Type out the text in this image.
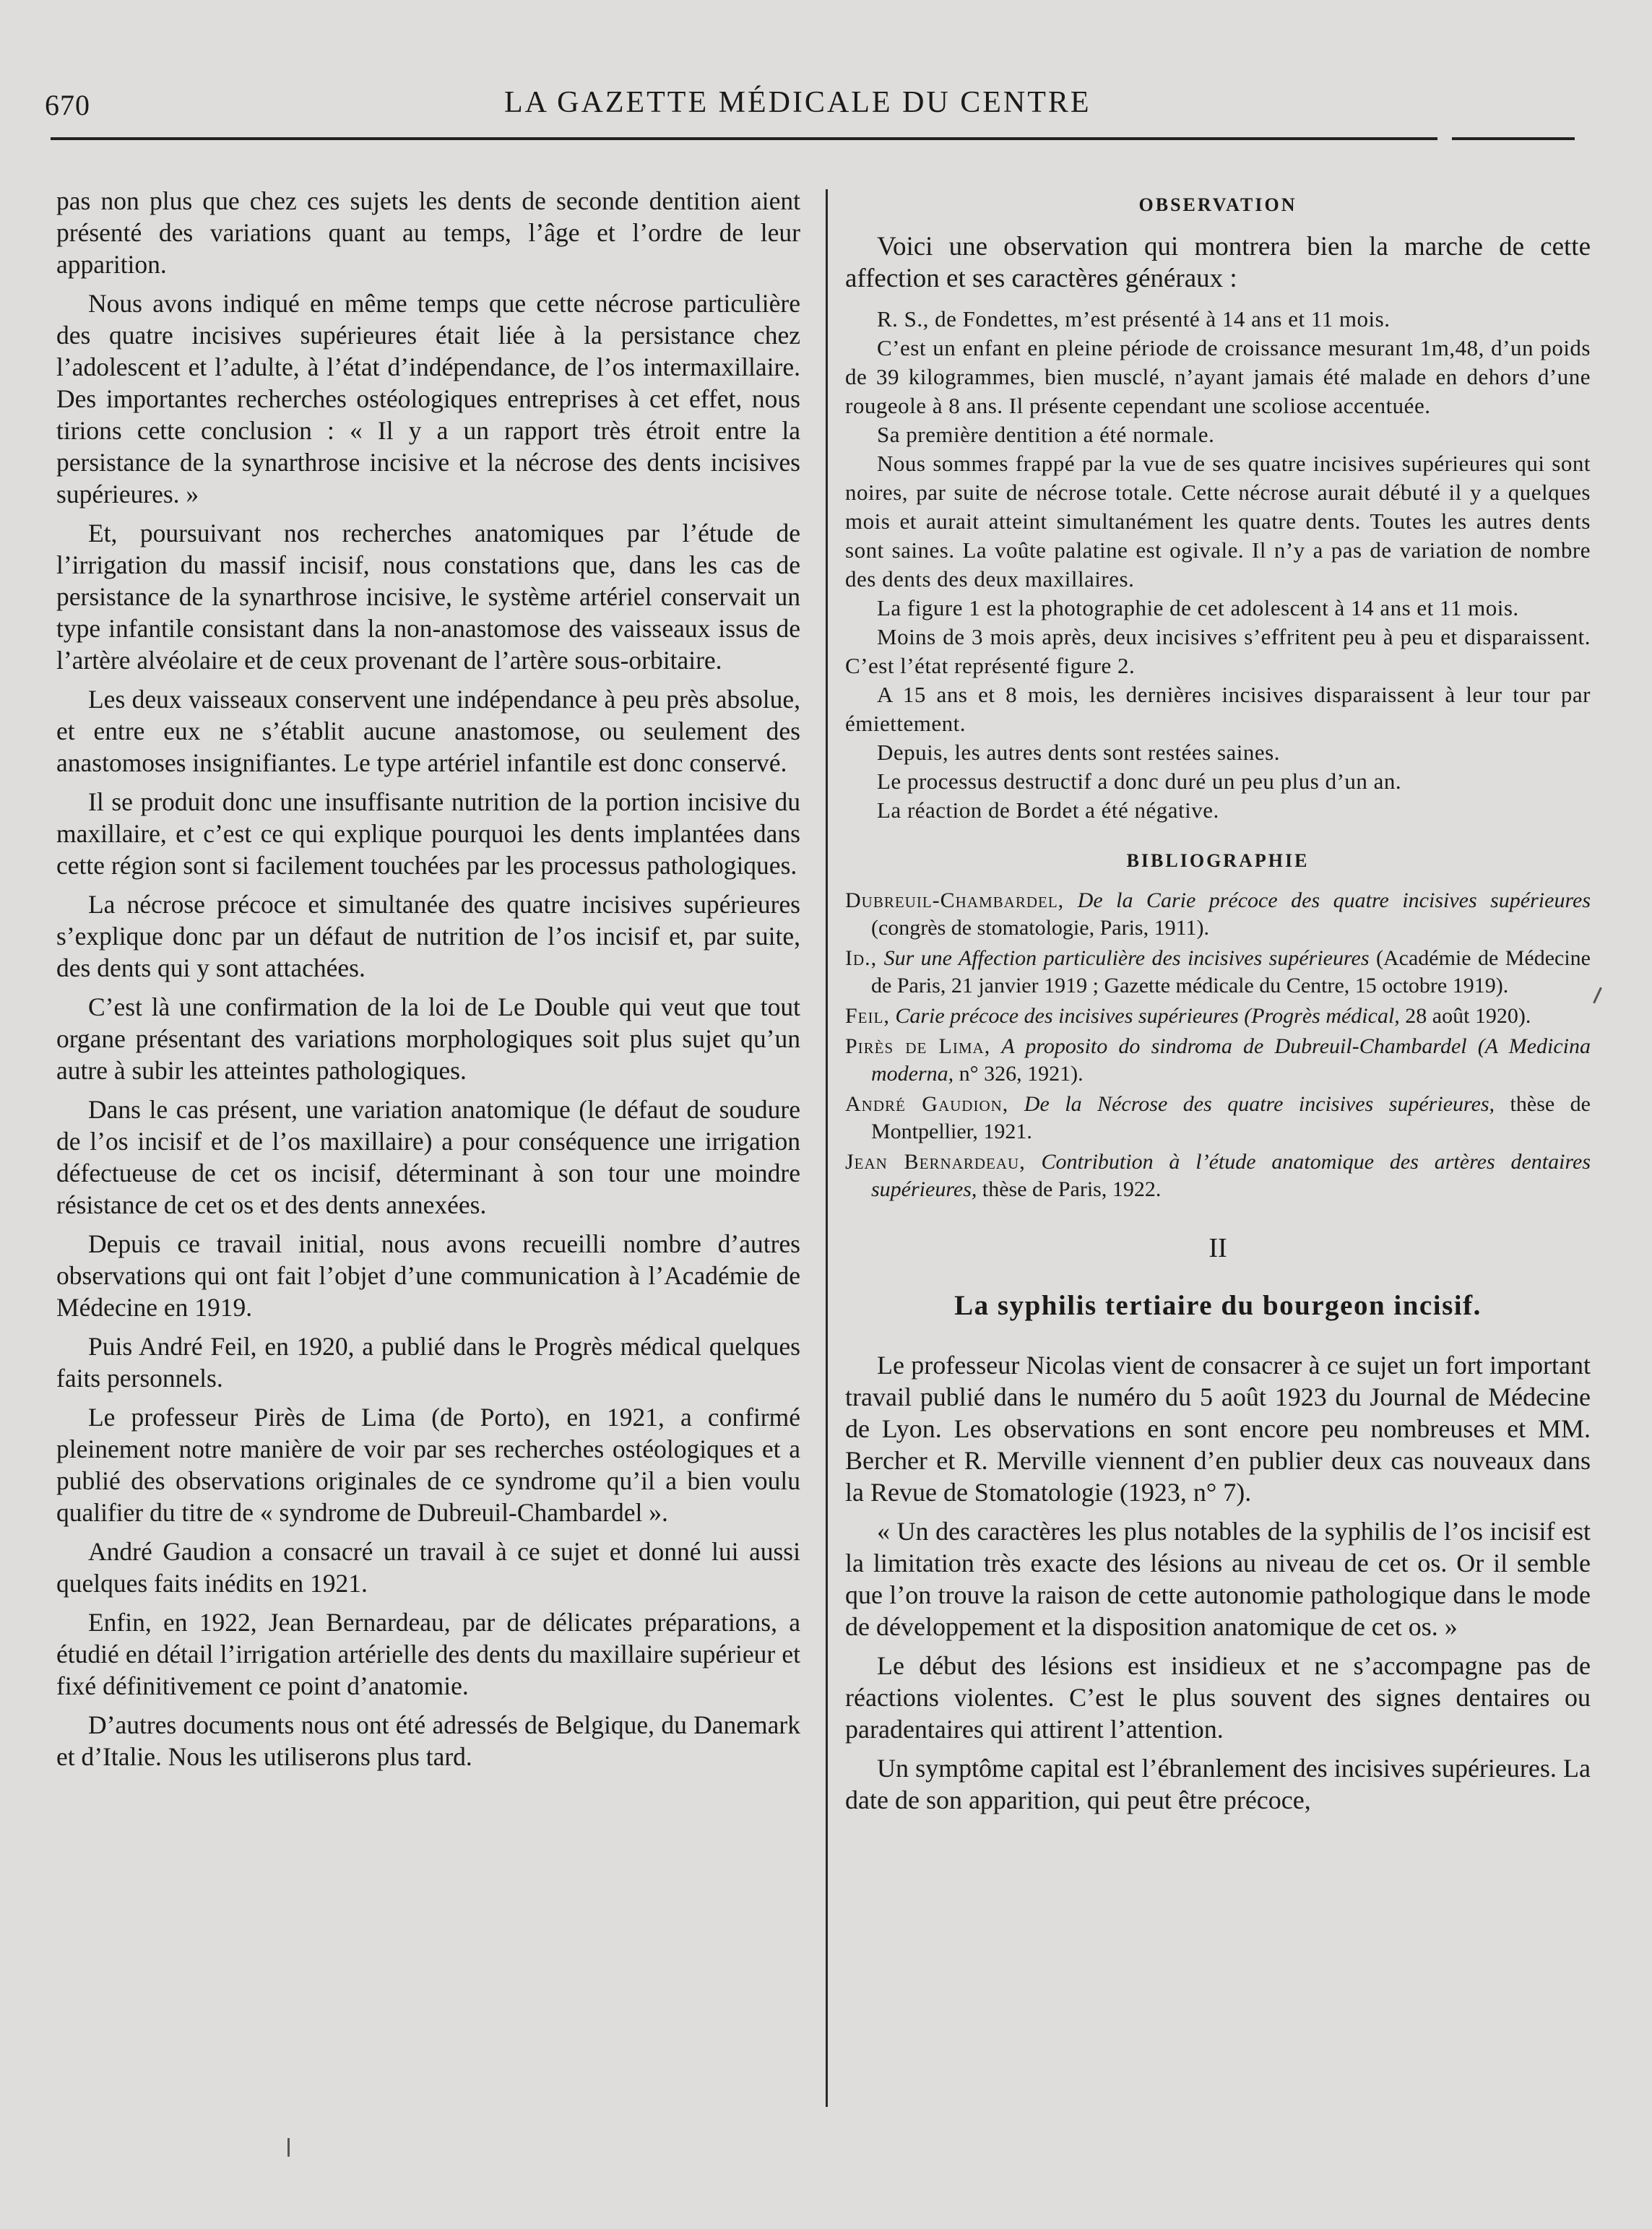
670	LA GAZETTE MÉDICALE DU CENTRE

pas non plus que chez ces sujets les dents de seconde dentition aient présenté des variations quant au temps, l’âge et l’ordre de leur apparition.

Nous avons indiqué en même temps que cette nécrose particulière des quatre incisives supérieures était liée à la persistance chez l’adolescent et l’adulte, à l’état d’indépendance, de l’os intermaxillaire. Des importantes recherches ostéologiques entreprises à cet effet, nous tirions cette conclusion : « Il y a un rapport très étroit entre la persistance de la synarthrose incisive et la nécrose des dents incisives supérieures. »

Et, poursuivant nos recherches anatomiques par l’étude de l’irrigation du massif incisif, nous constations que, dans les cas de persistance de la synarthrose incisive, le système artériel conservait un type infantile consistant dans la non-anastomose des vaisseaux issus de l’artère alvéolaire et de ceux provenant de l’artère sous-orbitaire.

Les deux vaisseaux conservent une indépendance à peu près absolue, et entre eux ne s’établit aucune anastomose, ou seulement des anastomoses insignifiantes. Le type artériel infantile est donc conservé.

Il se produit donc une insuffisante nutrition de la portion incisive du maxillaire, et c’est ce qui explique pourquoi les dents implantées dans cette région sont si facilement touchées par les processus pathologiques.

La nécrose précoce et simultanée des quatre incisives supérieures s’explique donc par un défaut de nutrition de l’os incisif et, par suite, des dents qui y sont attachées.

C’est là une confirmation de la loi de Le Double qui veut que tout organe présentant des variations morphologiques soit plus sujet qu’un autre à subir les atteintes pathologiques.

Dans le cas présent, une variation anatomique (le défaut de soudure de l’os incisif et de l’os maxillaire) a pour conséquence une irrigation défectueuse de cet os incisif, déterminant à son tour une moindre résistance de cet os et des dents annexées.

Depuis ce travail initial, nous avons recueilli nombre d’autres observations qui ont fait l’objet d’une communication à l’Académie de Médecine en 1919.

Puis André Feil, en 1920, a publié dans le Progrès médical quelques faits personnels.

Le professeur Pirès de Lima (de Porto), en 1921, a confirmé pleinement notre manière de voir par ses recherches ostéologiques et a publié des observations originales de ce syndrome qu’il a bien voulu qualifier du titre de « syndrome de Dubreuil-Chambardel ».

André Gaudion a consacré un travail à ce sujet et donné lui aussi quelques faits inédits en 1921.

Enfin, en 1922, Jean Bernardeau, par de délicates préparations, a étudié en détail l’irrigation artérielle des dents du maxillaire supérieur et fixé définitivement ce point d’anatomie.

D’autres documents nous ont été adressés de Belgique, du Danemark et d’Italie. Nous les utiliserons plus tard.

OBSERVATION

Voici une observation qui montrera bien la marche de cette affection et ses caractères généraux :

R. S., de Fondettes, m’est présenté à 14 ans et 11 mois.

C’est un enfant en pleine période de croissance mesurant 1m,48, d’un poids de 39 kilogrammes, bien musclé, n’ayant jamais été malade en dehors d’une rougeole à 8 ans. Il présente cependant une scoliose accentuée.

Sa première dentition a été normale.

Nous sommes frappé par la vue de ses quatre incisives supérieures qui sont noires, par suite de nécrose totale. Cette nécrose aurait débuté il y a quelques mois et aurait atteint simultanément les quatre dents. Toutes les autres dents sont saines. La voûte palatine est ogivale. Il n’y a pas de variation de nombre des dents des deux maxillaires.

La figure 1 est la photographie de cet adolescent à 14 ans et 11 mois.

Moins de 3 mois après, deux incisives s’effritent peu à peu et disparaissent. C’est l’état représenté figure 2.

A 15 ans et 8 mois, les dernières incisives disparaissent à leur tour par émiettement.

Depuis, les autres dents sont restées saines.

Le processus destructif a donc duré un peu plus d’un an.

La réaction de Bordet a été négative.

BIBLIOGRAPHIE
Dubreuil-Chambardel, De la Carie précoce des quatre incisives supérieures (congrès de stomatologie, Paris, 1911).
Id., Sur une Affection particulière des incisives supérieures (Académie de Médecine de Paris, 21 janvier 1919 ; Gazette médicale du Centre, 15 octobre 1919).
Feil, Carie précoce des incisives supérieures (Progrès médical, 28 août 1920).
Pirès de Lima, A proposito do sindroma de Dubreuil-Chambardel (A Medicina moderna, n° 326, 1921).
André Gaudion, De la Nécrose des quatre incisives supérieures, thèse de Montpellier, 1921.
Jean Bernardeau, Contribution à l’étude anatomique des artères dentaires supérieures, thèse de Paris, 1922.
II
La syphilis tertiaire du bourgeon incisif.

Le professeur Nicolas vient de consacrer à ce sujet un fort important travail publié dans le numéro du 5 août 1923 du Journal de Médecine de Lyon. Les observations en sont encore peu nombreuses et MM. Bercher et R. Merville viennent d’en publier deux cas nouveaux dans la Revue de Stomatologie (1923, n° 7).

« Un des caractères les plus notables de la syphilis de l’os incisif est la limitation très exacte des lésions au niveau de cet os. Or il semble que l’on trouve la raison de cette autonomie pathologique dans le mode de développement et la disposition anatomique de cet os. »

Le début des lésions est insidieux et ne s’accompagne pas de réactions violentes. C’est le plus souvent des signes dentaires ou paradentaires qui attirent l’attention.

Un symptôme capital est l’ébranlement des incisives supérieures. La date de son apparition, qui peut être précoce,
